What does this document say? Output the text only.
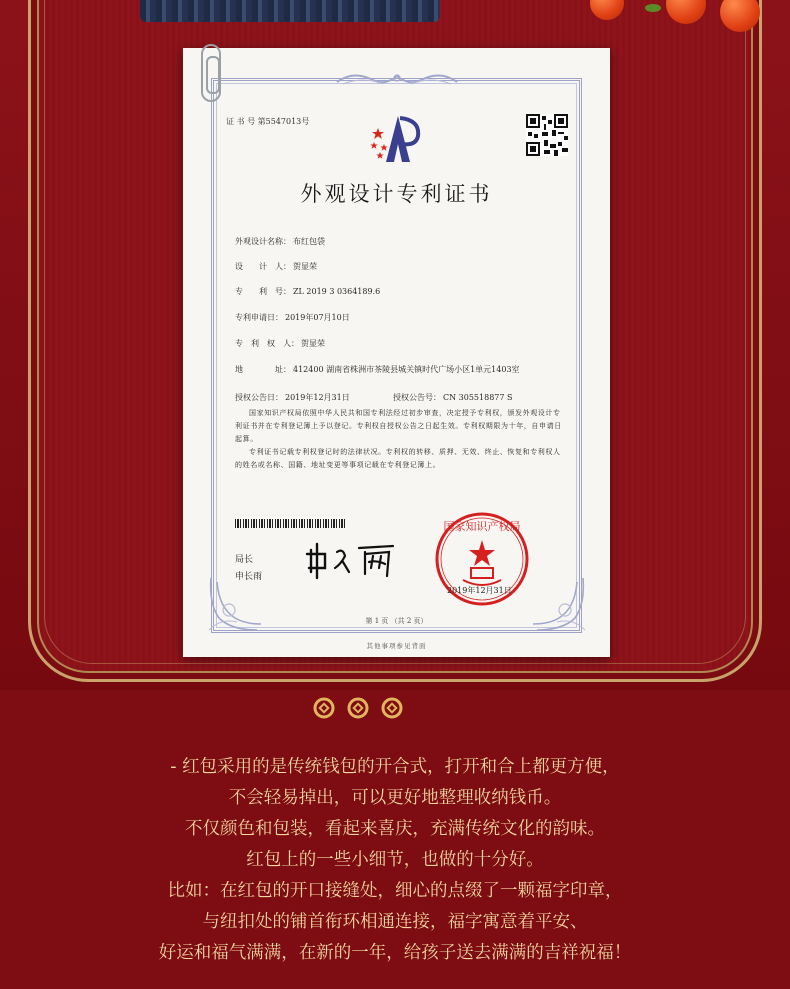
证 书 号 第5547013号
外观设计专利证书
外观设计名称： 布红包袋
设　　计　人： 贺显荣
专　　利　号： ZL 2019 3 0364189.6
专利申请日： 2019年07月10日
专　利　权　人： 贺显荣
地　　　　址： 412400 湖南省株洲市茶陵县城关镇时代广场小区1单元1403室
授权公告日： 2019年12月31日	授权公告号： CN 305518877 S
国家知识产权局依照中华人民共和国专利法经过初步审查，决定授予专利权，颁发外观设计专利证书并在专利登记簿上予以登记。专利权自授权公告之日起生效。专利权期限为十年，自申请日起算。
专利证书记载专利权登记时的法律状况。专利权的转移、质押、无效、终止、恢复和专利权人的姓名或名称、国籍、地址变更等事项记载在专利登记簿上。
局长
申长雨
国家知识产权局
2019年12月31日
第 1 页 （共 2 页）
其他事项参见背面
- 红包采用的是传统钱包的开合式，打开和合上都更方便，
不会轻易掉出，可以更好地整理收纳钱币。
不仅颜色和包装，看起来喜庆，充满传统文化的韵味。
红包上的一些小细节，也做的十分好。
比如：在红包的开口接缝处，细心的点缀了一颗福字印章，
与纽扣处的铺首衔环相通连接，福字寓意着平安、
好运和福气满满，在新的一年，给孩子送去满满的吉祥祝福！
